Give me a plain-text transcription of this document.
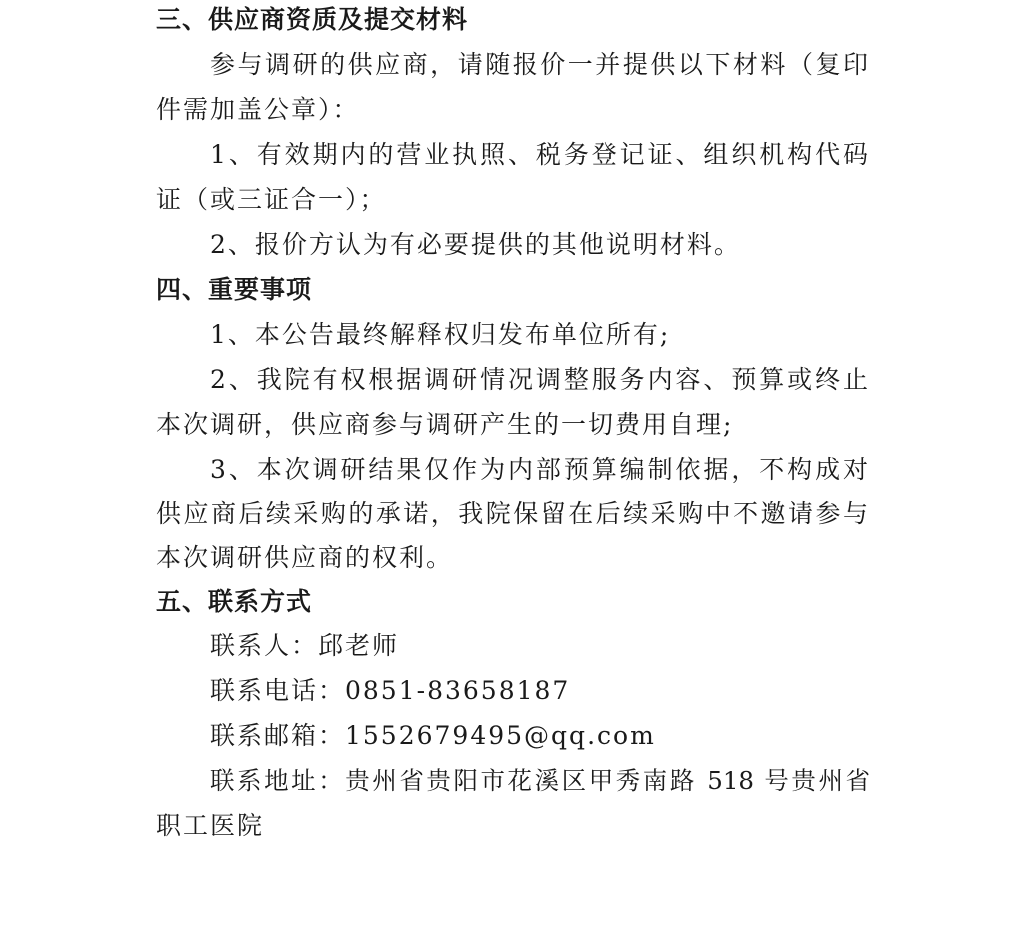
三、供应商资质及提交材料
参与调研的供应商，请随报价一并提供以下材料（复印
件需加盖公章）：
1、有效期内的营业执照、税务登记证、组织机构代码
证（或三证合一）；
2、报价方认为有必要提供的其他说明材料。
四、重要事项
1、本公告最终解释权归发布单位所有;
2、我院有权根据调研情况调整服务内容、预算或终止
本次调研，供应商参与调研产生的一切费用自理;
3、本次调研结果仅作为内部预算编制依据，不构成对
供应商后续采购的承诺，我院保留在后续采购中不邀请参与
本次调研供应商的权利。
五、联系方式
联系人：邱老师
联系电话：0851-83658187
联系邮箱：1552679495@qq.com
联系地址：贵州省贵阳市花溪区甲秀南路 518 号贵州省
职工医院
